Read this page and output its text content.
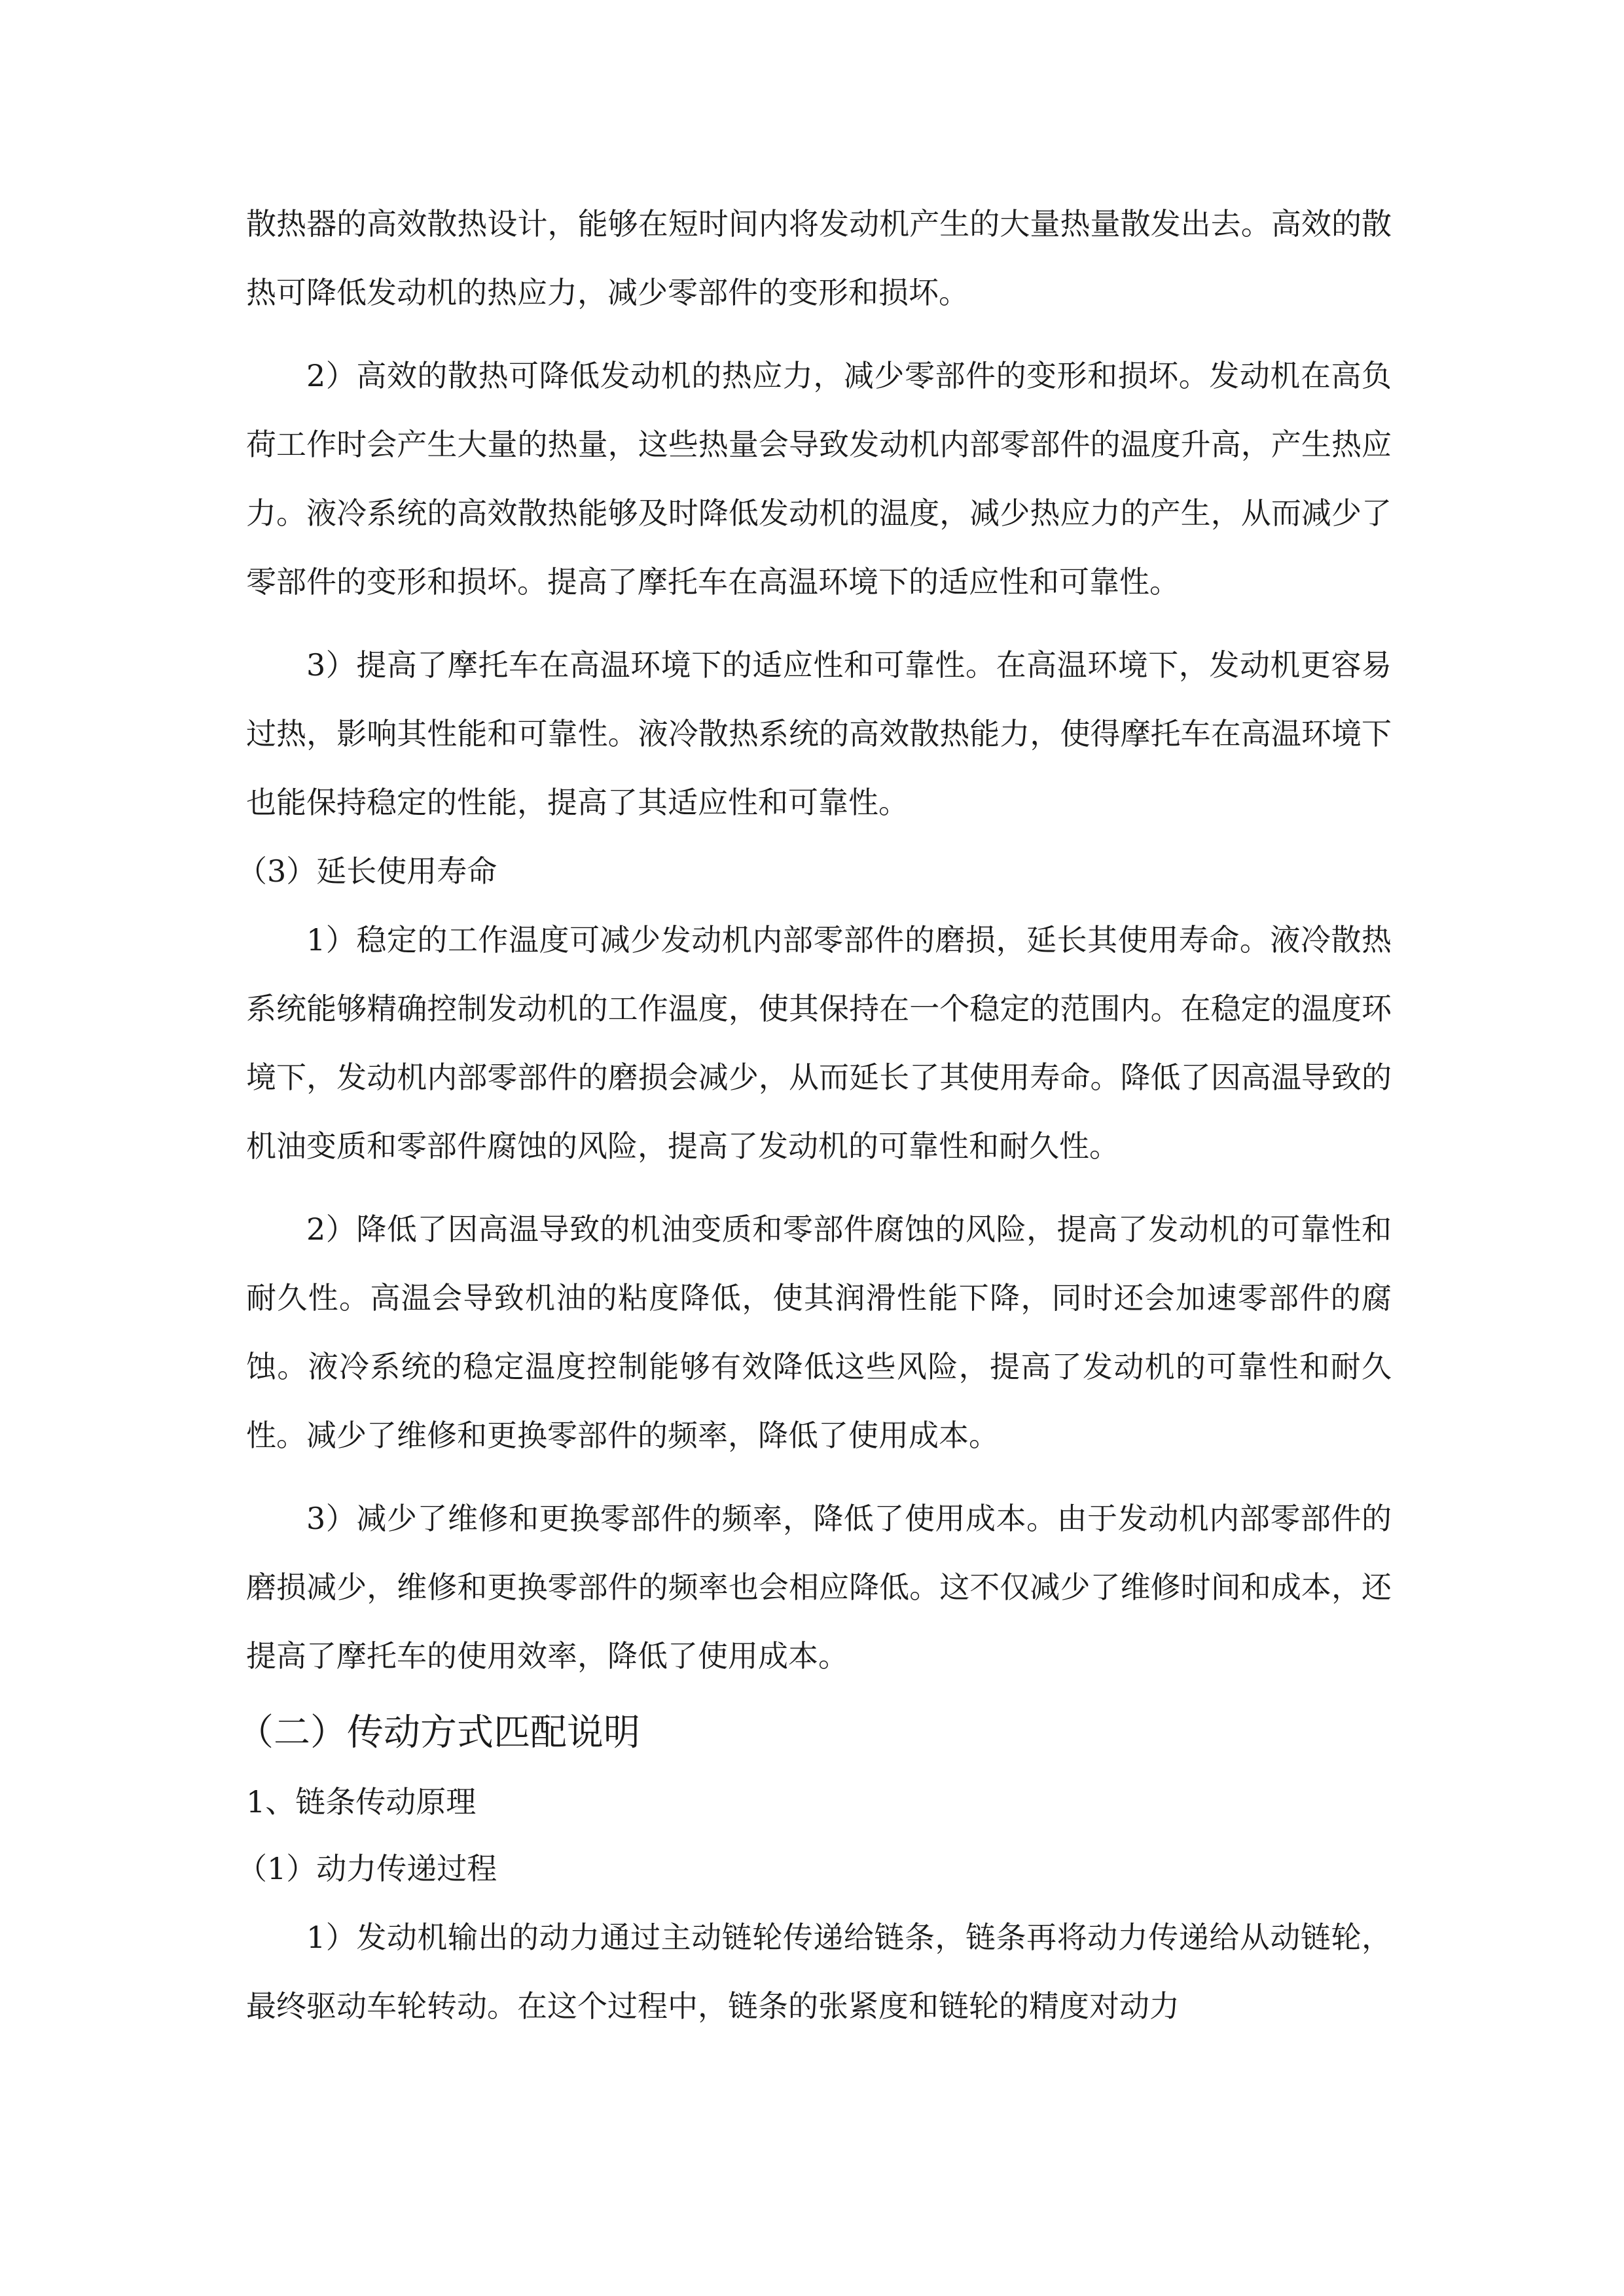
散热器的高效散热设计，能够在短时间内将发动机产生的大量热量散发出去。高效的散热可降低发动机的热应力，减少零部件的变形和损坏。

2）高效的散热可降低发动机的热应力，减少零部件的变形和损坏。发动机在高负荷工作时会产生大量的热量，这些热量会导致发动机内部零部件的温度升高，产生热应力。液冷系统的高效散热能够及时降低发动机的温度，减少热应力的产生，从而减少了零部件的变形和损坏。提高了摩托车在高温环境下的适应性和可靠性。

3）提高了摩托车在高温环境下的适应性和可靠性。在高温环境下，发动机更容易过热，影响其性能和可靠性。液冷散热系统的高效散热能力，使得摩托车在高温环境下也能保持稳定的性能，提高了其适应性和可靠性。

（3）延长使用寿命

1）稳定的工作温度可减少发动机内部零部件的磨损，延长其使用寿命。液冷散热系统能够精确控制发动机的工作温度，使其保持在一个稳定的范围内。在稳定的温度环境下，发动机内部零部件的磨损会减少，从而延长了其使用寿命。降低了因高温导致的机油变质和零部件腐蚀的风险，提高了发动机的可靠性和耐久性。

2）降低了因高温导致的机油变质和零部件腐蚀的风险，提高了发动机的可靠性和耐久性。高温会导致机油的粘度降低，使其润滑性能下降，同时还会加速零部件的腐蚀。液冷系统的稳定温度控制能够有效降低这些风险，提高了发动机的可靠性和耐久性。减少了维修和更换零部件的频率，降低了使用成本。

3）减少了维修和更换零部件的频率，降低了使用成本。由于发动机内部零部件的磨损减少，维修和更换零部件的频率也会相应降低。这不仅减少了维修时间和成本，还提高了摩托车的使用效率，降低了使用成本。

（二）传动方式匹配说明

1、链条传动原理

（1）动力传递过程

1）发动机输出的动力通过主动链轮传递给链条，链条再将动力传递给从动链轮，最终驱动车轮转动。在这个过程中，链条的张紧度和链轮的精度对动力
